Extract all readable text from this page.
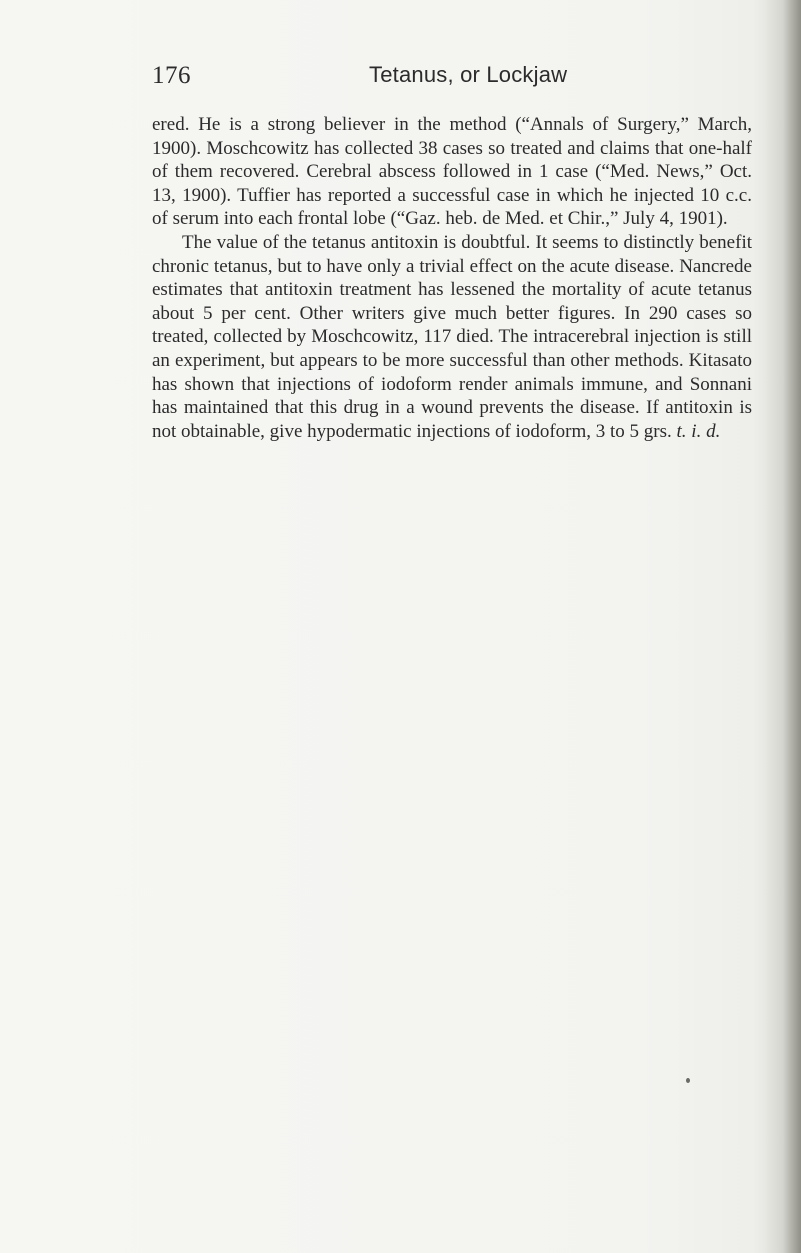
176	Tetanus, or Lockjaw

ered. He is a strong believer in the method (“Annals of Surgery,” March, 1900). Moschcowitz has collected 38 cases so treated and claims that one-half of them recovered. Cerebral abscess followed in 1 case (“Med. News,” Oct. 13, 1900). Tuffier has reported a successful case in which he injected 10 c.c. of serum into each frontal lobe (“Gaz. heb. de Med. et Chir.,” July 4, 1901).

The value of the tetanus antitoxin is doubtful. It seems to distinctly benefit chronic tetanus, but to have only a trivial effect on the acute disease. Nancrede estimates that antitoxin treatment has lessened the mortality of acute tetanus about 5 per cent. Other writers give much better figures. In 290 cases so treated, collected by Moschcowitz, 117 died. The intracerebral injection is still an experiment, but appears to be more successful than other methods. Kitasato has shown that injections of iodoform render animals immune, and Sonnani has maintained that this drug in a wound prevents the disease. If antitoxin is not obtainable, give hypodermatic injections of iodoform, 3 to 5 grs. t. i. d.
